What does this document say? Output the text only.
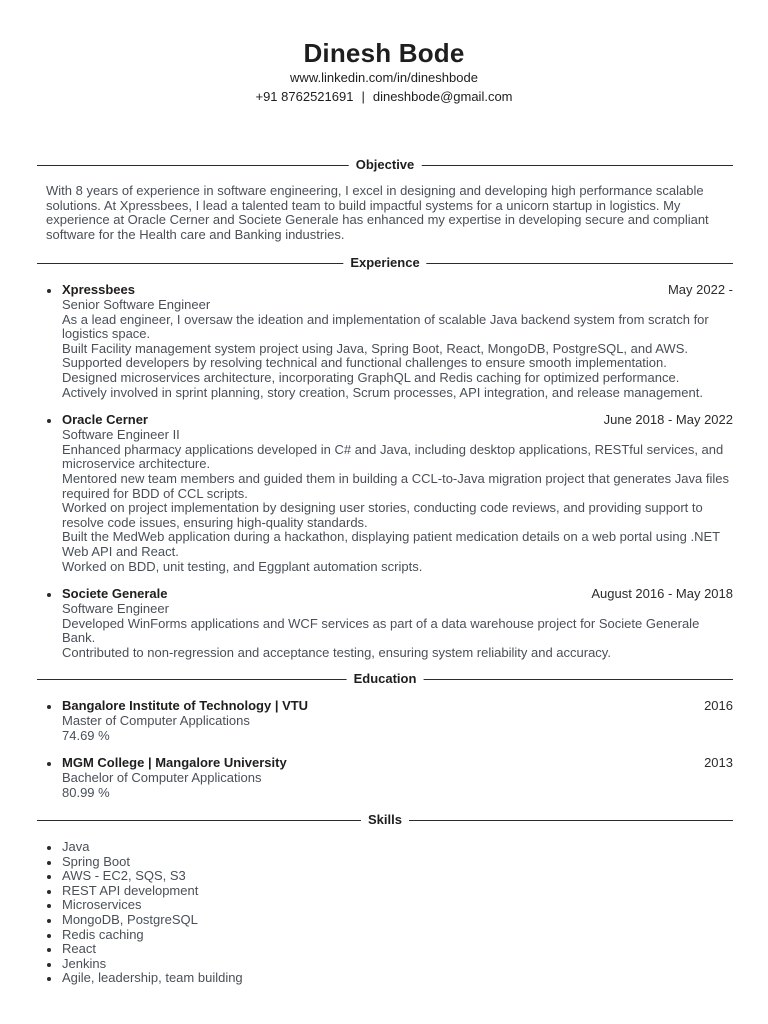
Dinesh Bode
www.linkedin.com/in/dineshbode
+91 8762521691 | dineshbode@gmail.com
Objective
With 8 years of experience in software engineering, I excel in designing and developing high performance scalable solutions. At Xpressbees, I lead a talented team to build impactful systems for a unicorn startup in logistics. My experience at Oracle Cerner and Societe Generale has enhanced my expertise in developing secure and compliant software for the Health care and Banking industries.
Experience
Xpressbees	May 2022 -
Senior Software Engineer
As a lead engineer, I oversaw the ideation and implementation of scalable Java backend system from scratch for logistics space.
Built Facility management system project using Java, Spring Boot, React, MongoDB, PostgreSQL, and AWS.
Supported developers by resolving technical and functional challenges to ensure smooth implementation.
Designed microservices architecture, incorporating GraphQL and Redis caching for optimized performance.
Actively involved in sprint planning, story creation, Scrum processes, API integration, and release management.
Oracle Cerner	June 2018 - May 2022
Software Engineer II
Enhanced pharmacy applications developed in C# and Java, including desktop applications, RESTful services, and microservice architecture.
Mentored new team members and guided them in building a CCL-to-Java migration project that generates Java files required for BDD of CCL scripts.
Worked on project implementation by designing user stories, conducting code reviews, and providing support to resolve code issues, ensuring high-quality standards.
Built the MedWeb application during a hackathon, displaying patient medication details on a web portal using .NET Web API and React.
Worked on BDD, unit testing, and Eggplant automation scripts.
Societe Generale	August 2016 - May 2018
Software Engineer
Developed WinForms applications and WCF services as part of a data warehouse project for Societe Generale Bank.
Contributed to non-regression and acceptance testing, ensuring system reliability and accuracy.
Education
Bangalore Institute of Technology | VTU	2016
Master of Computer Applications
74.69 %
MGM College | Mangalore University	2013
Bachelor of Computer Applications
80.99 %
Skills
Java
Spring Boot
AWS - EC2, SQS, S3
REST API development
Microservices
MongoDB, PostgreSQL
Redis caching
React
Jenkins
Agile, leadership, team building
